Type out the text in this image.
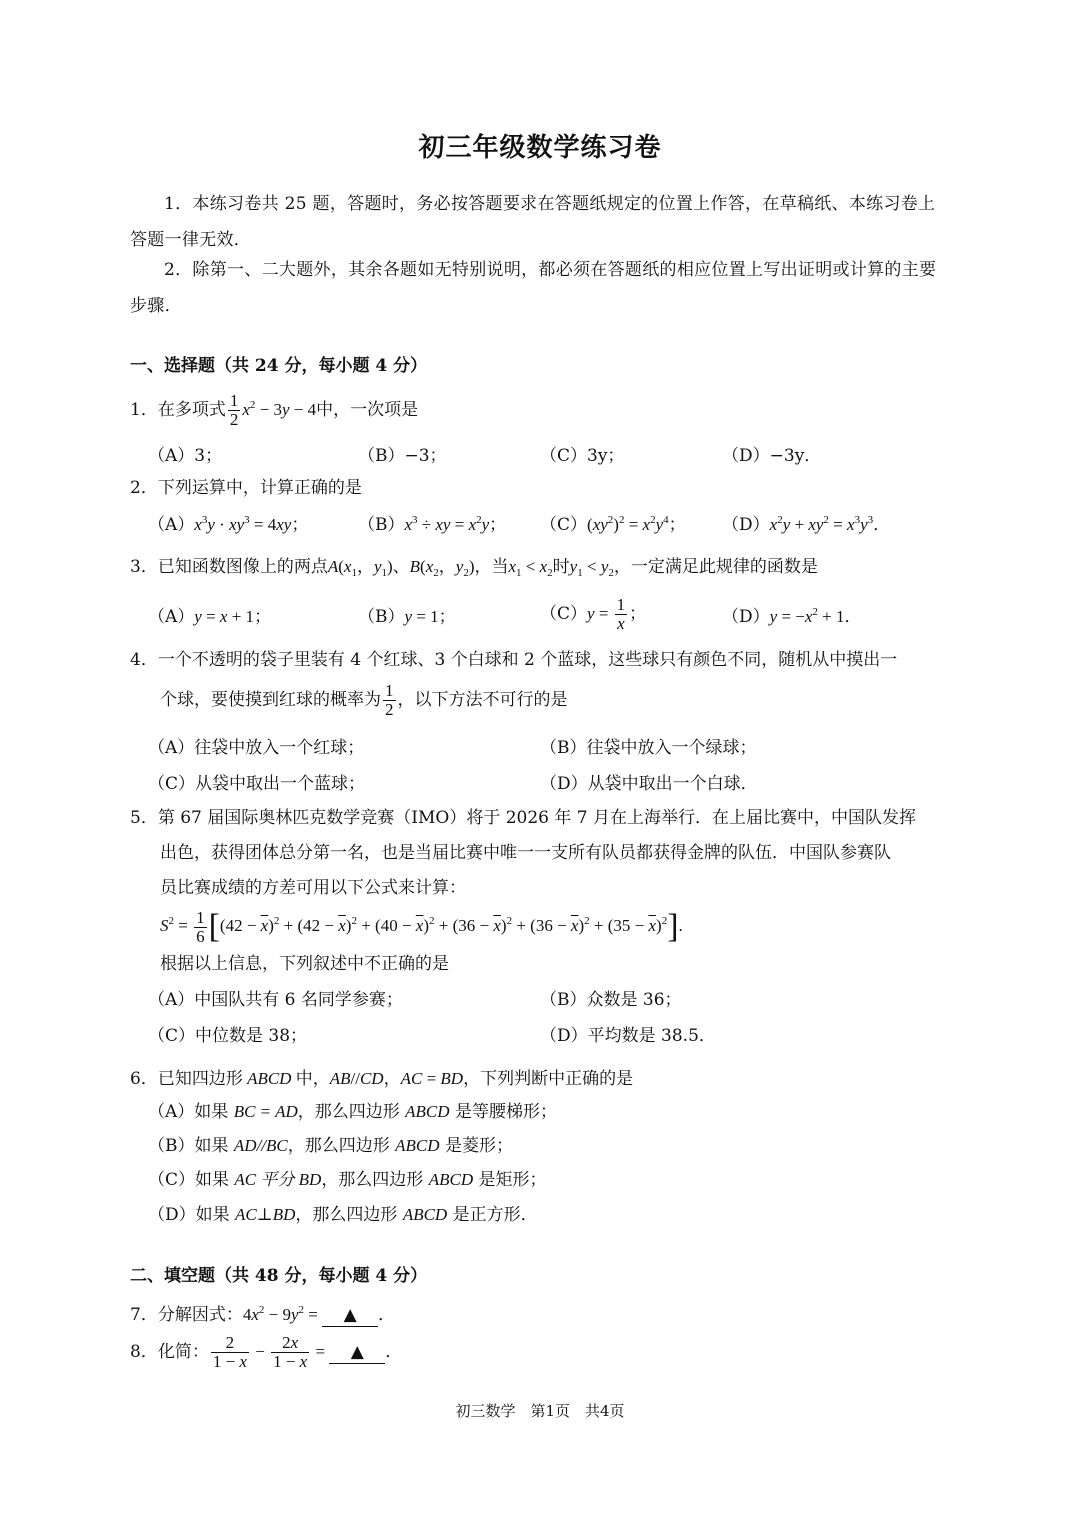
初三年级数学练习卷
1．本练习卷共 25 题，答题时，务必按答题要求在答题纸规定的位置上作答，在草稿纸、本练习卷上答题一律无效．
2．除第一、二大题外，其余各题如无特别说明，都必须在答题纸的相应位置上写出证明或计算的主要步骤．
一、选择题（共 24 分，每小题 4 分）
1．在多项式 $\frac{1}{2} x^2 - 3y - 4$中，一次项是
（A）3；	（B）−3；	（C）3y；	（D）−3y．
2．下列运算中，计算正确的是
$(A)x^3y \cdot xy^3 = 4xy$；	$(B)x^3$ ÷ xy = $x^2y$； $(C)(xy^2)^2 = x^2y^4$； $(D)x^2y + xy^2 = x^3y^3$．
3．已知函数图像上的两点$A(x_1$，$y_1$)、$B(x_2$，$y_2$)，当$x_1 < x_2$时$y_1 < y_2$，一定满足此规律的函数是
（A）y = x + 1；	（B）y = 1；	$(C)y = \frac{1}{x}$ ；	$(D)y = -x^2 + 1$．
4．一个不透明的袋子里装有 4 个红球、3 个白球和 2 个蓝球，这些球只有颜色不同，随机从中摸出一
个球，要使摸到红球的概率为 $\frac{1}{2}$ ，以下方法不可行的是
（A）往袋中放入一个红球；	（B）往袋中放入一个绿球；
（C）从袋中取出一个蓝球；	（D）从袋中取出一个白球．
5．第 67 届国际奥林匹克数学竞赛（IMO）将于 2026 年 7 月在上海举行．在上届比赛中，中国队发挥
出色，获得团体总分第一名，也是当届比赛中唯一一支所有队员都获得金牌的队伍．中国队参赛队
员比赛成绩的方差可用以下公式来计算：
$S^2 = \frac{1}{6} [(42 - \overline{x})^2 + (42 - \overline{x})^2 + (40 - \overline{x})^2 + (36 - \overline{x})^2 + (36 - \overline{x})^2 + (35 - \overline{x})^2]$.
根据以上信息，下列叙述中不正确的是
（A）中国队共有 6 名同学参赛；	（B）众数是 36；
（C）中位数是 38；	（D）平均数是 38.5．
6．已知四边形 ABCD 中，AB//CD，AC = BD，下列判断中正确的是
（A）如果 BC = AD，那么四边形 ABCD 是等腰梯形；
（B）如果 AD//BC，那么四边形 ABCD 是菱形；
（C）如果 AC 平分 BD，那么四边形 ABCD 是矩形；
（D）如果 AC⊥BD，那么四边形 ABCD 是正方形．
二、填空题（共 48 分，每小题 4 分）
7．分解因式：$4x^2 - 9y^2$ = ▲ ．
8．化简： $\frac{2}{1 - x} - \frac{2x}{1 - x}$ = ▲ ．
初三数学　第1页　共4页
